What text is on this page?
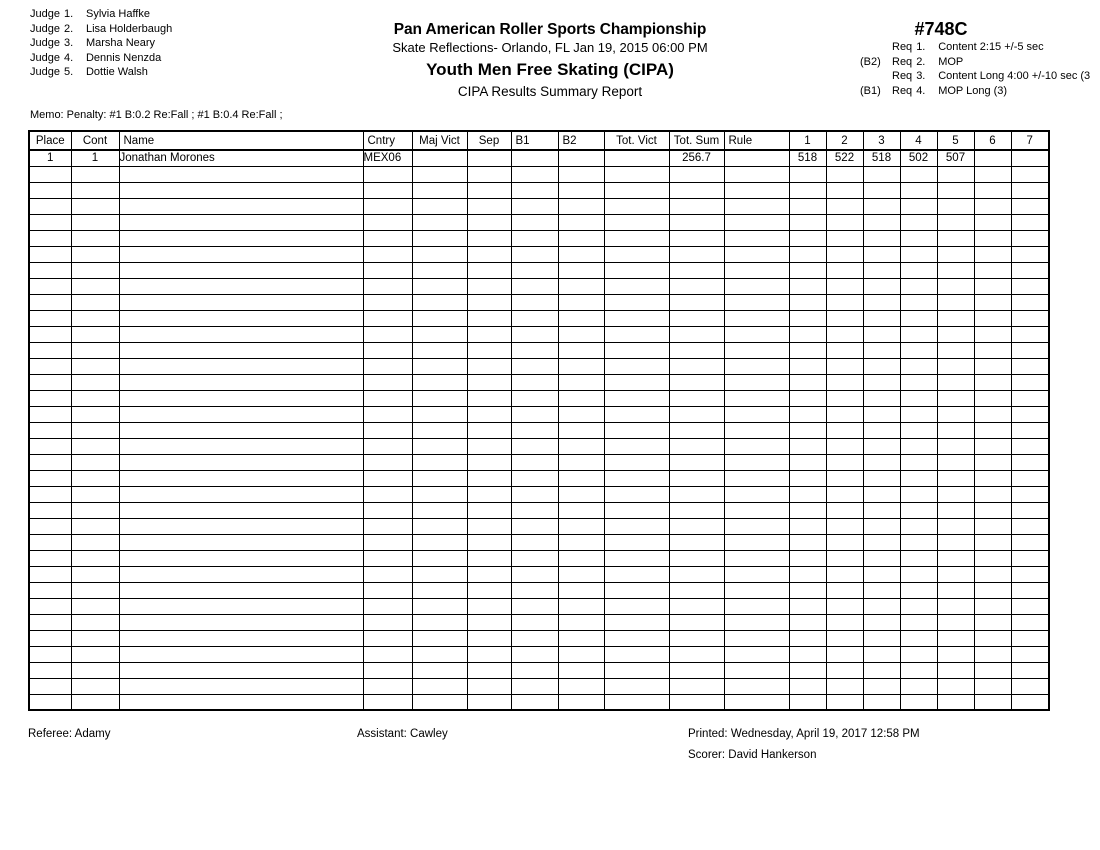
Judge 1. Sylvia Haffke
Judge 2. Lisa Holderbaugh
Judge 3. Marsha Neary
Judge 4. Dennis Nenzda
Judge 5. Dottie Walsh
Pan American Roller Sports Championship
Skate Reflections- Orlando, FL Jan 19, 2015 06:00 PM
Youth Men Free Skating (CIPA)
CIPA Results Summary Report
#748C
Req 1. Content 2:15 +/-5 sec
(B2) Req 2. MOP
Req 3. Content Long 4:00 +/-10 sec (3
(B1) Req 4. MOP Long (3)
Memo: Penalty: #1 B:0.2 Re:Fall ; #1 B:0.4 Re:Fall ;
Place	Cont	Name	Cntry	Maj Vict	Sep	B1	B2	Tot. Vict	Tot. Sum	Rule	1	2	3	4	5	6	7
1	1	Jonathan Morones	MEX06						256.7		518	522	518	502	507		

Referee: Adamy	Assistant: Cawley	Printed: Wednesday, April 19, 2017 12:58 PM
Scorer: David Hankerson
